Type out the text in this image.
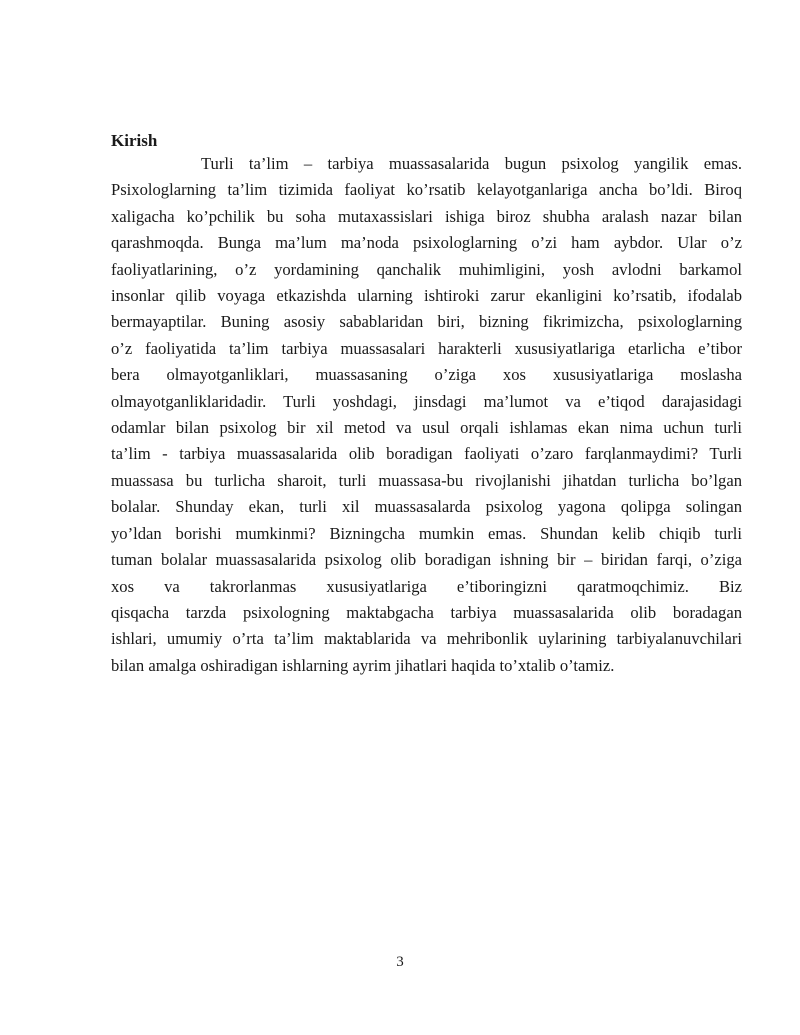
Kirish
Turli ta’lim – tarbiya muassasalarida bugun psixolog yangilik emas.
Psixologlarning ta’lim tizimida faoliyat ko’rsatib kelayotganlariga ancha bo’ldi. Biroq
xaligacha ko’pchilik bu soha mutaxassislari ishiga biroz shubha aralash nazar bilan
qarashmoqda. Bunga ma’lum ma’noda psixologlarning o’zi ham aybdor. Ular o’z
faoliyatlarining, o’z yordamining qanchalik muhimligini, yosh avlodni barkamol
insonlar qilib voyaga etkazishda ularning ishtiroki zarur ekanligini ko’rsatib, ifodalab
bermayaptilar. Buning asosiy sabablaridan biri, bizning fikrimizcha, psixologlarning
o’z faoliyatida ta’lim tarbiya muassasalari harakterli xususiyatlariga etarlicha e’tibor
bera olmayotganliklari, muassasaning o’ziga xos xususiyatlariga moslasha
olmayotganliklaridadir. Turli yoshdagi, jinsdagi ma’lumot va e’tiqod darajasidagi
odamlar bilan psixolog bir xil metod va usul orqali ishlamas ekan nima uchun turli
ta’lim - tarbiya muassasalarida olib boradigan faoliyati o’zaro farqlanmaydimi? Turli
muassasa bu turlicha sharoit, turli muassasa-bu rivojlanishi jihatdan turlicha bo’lgan
bolalar. Shunday ekan, turli xil muassasalarda psixolog yagona qolipga solingan
yo’ldan borishi mumkinmi? Bizningcha mumkin emas. Shundan kelib chiqib turli
tuman bolalar muassasalarida psixolog olib boradigan ishning bir – biridan farqi, o’ziga
xos va takrorlanmas xususiyatlariga e’tiboringizni qaratmoqchimiz. Biz
qisqacha tarzda psixologning maktabgacha tarbiya muassasalarida olib boradagan
ishlari, umumiy o’rta ta’lim maktablarida va mehribonlik uylarining tarbiyalanuvchilari
bilan amalga oshiradigan ishlarning ayrim jihatlari haqida to’xtalib o’tamiz.
3
